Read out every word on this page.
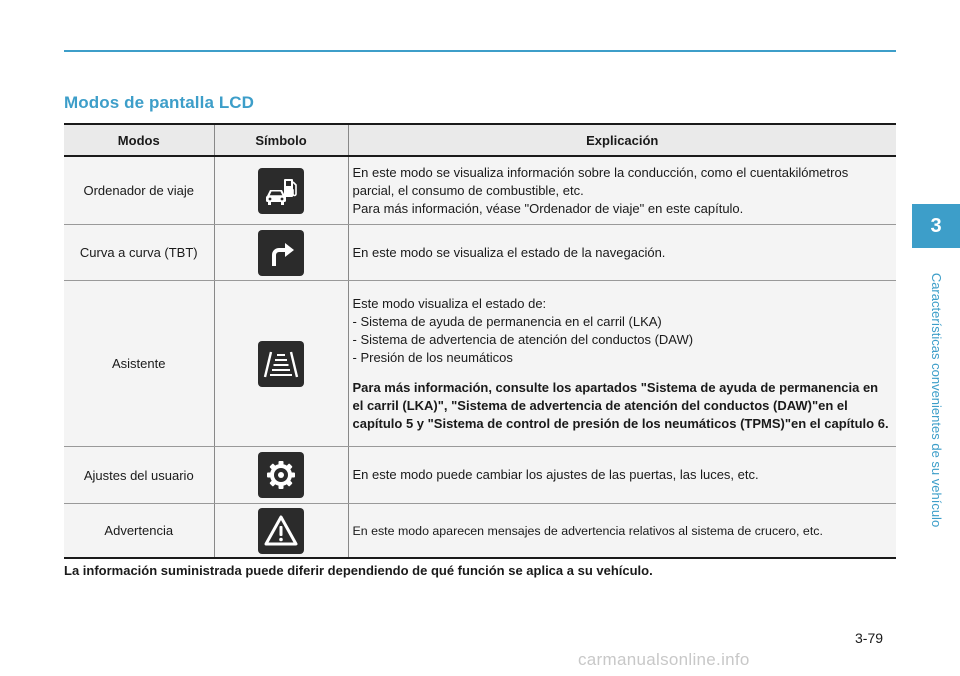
Modos de pantalla LCD
Modos	Símbolo	Explicación
Ordenador de viaje		En este modo se visualiza información sobre la conducción, como el cuentakilómetros parcial, el consumo de combustible, etc.

Para más información, véase "Ordenador de viaje" en este capítulo.

Curva a curva (TBT)		En este modo se visualiza el estado de la navegación.

Asistente		Este modo visualiza el estado de:

- Sistema de ayuda de permanencia en el carril (LKA)

- Sistema de advertencia de atención del conductos (DAW)

- Presión de los neumáticos

Para más información, consulte los apartados "Sistema de ayuda de permanencia en el carril (LKA)", "Sistema de advertencia de atención del conductos (DAW)"en el capítulo 5 y "Sistema de control de presión de los neumáticos (TPMS)"en el capítulo 6.

Ajustes del usuario		En este modo puede cambiar los ajustes de las puertas, las luces, etc.

Advertencia		En este modo aparecen mensajes de advertencia relativos al sistema de crucero, etc.

La información suministrada puede diferir dependiendo de qué función se aplica a su vehículo.

3
Características convenientes de su vehículo
3-79
carmanualsonline.info
